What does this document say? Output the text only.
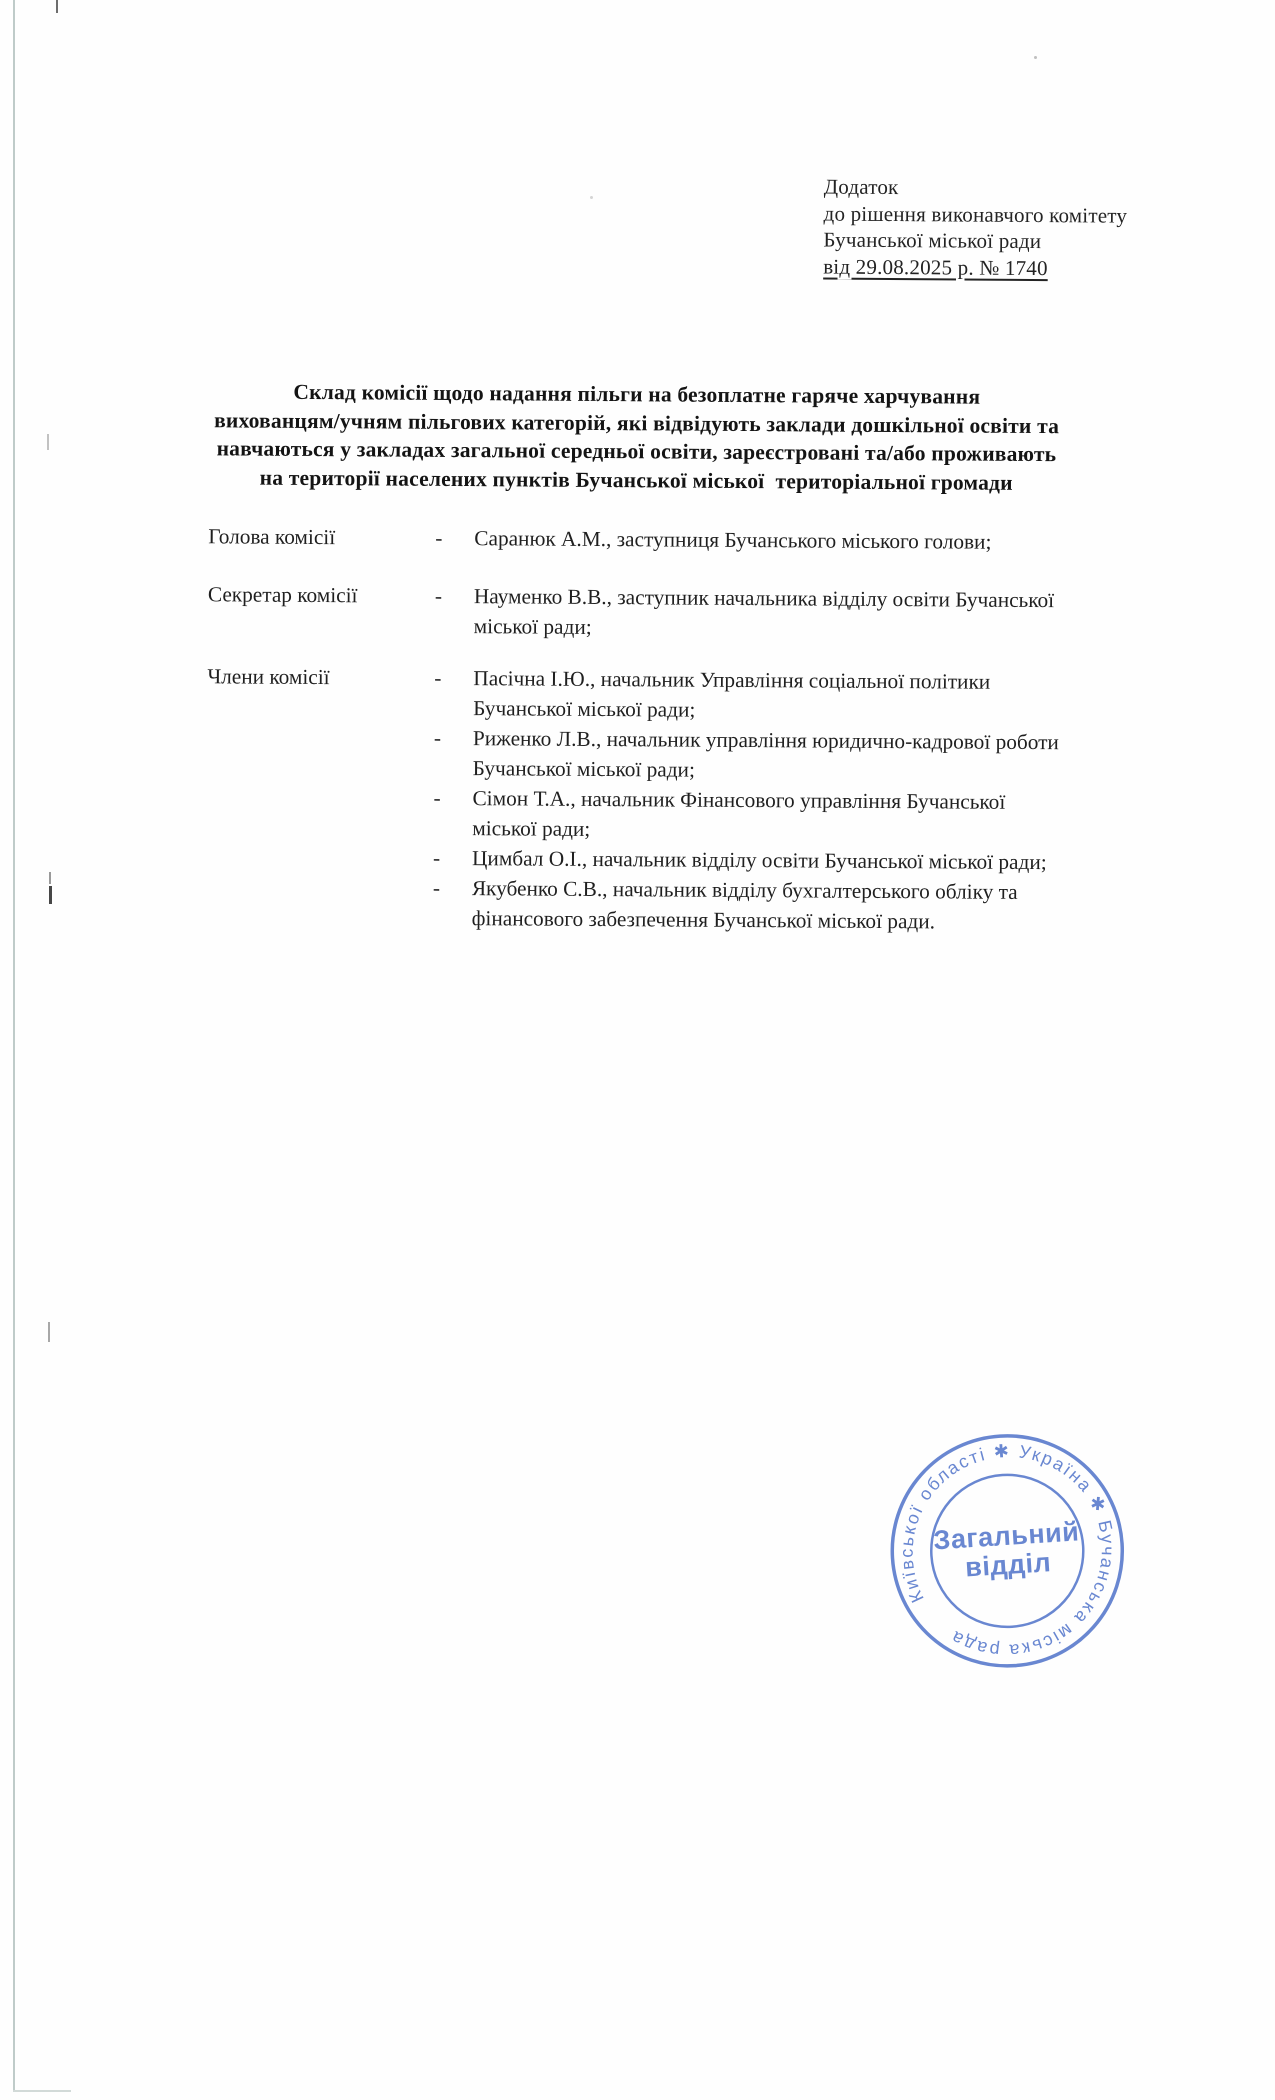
Додаток
до рішення виконавчого комітету
Бучанської міської ради
від 29.08.2025 р. № 1740
Склад комісії щодо надання пільги на безоплатне гаряче харчування
вихованцям/учням пільгових категорій, які відвідують заклади дошкільної освіти та
навчаються у закладах загальної середньої освіти, зареєстровані та/або проживають
на території населених пунктів Бучанської міської  територіальної громади
Голова комісії	- Саранюк А.М., заступниця Бучанського міського голови;
Секретар комісії	- Науменко В.В., заступник начальника відділу освіти Бучанської
міської ради;
Члени комісії	- Пасічна І.Ю., начальник Управління соціальної політики
Бучанської міської ради;
- Риженко Л.В., начальник управління юридично-кадрової роботи
Бучанської міської ради;
- Сімон Т.А., начальник Фінансового управління Бучанської
міської ради;
- Цимбал О.І., начальник відділу освіти Бучанської міської ради;
- Якубенко С.В., начальник відділу бухгалтерського обліку та
фінансового забезпечення Бучанської міської ради.
Київської області ✱ Україна ✱ Бучанська міська рада
Загальний
відділ
